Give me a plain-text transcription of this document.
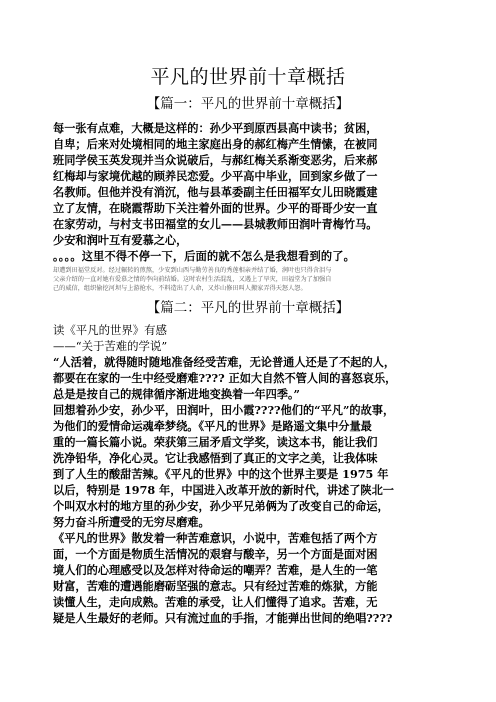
平凡的世界前十章概括
【篇一：平凡的世界前十章概括】
每一张有点难，大概是这样的：孙少平到原西县高中读书；贫困，
自卑；后来对处境相同的地主家庭出身的郝红梅产生情愫，在被同
班同学侯玉英发现并当众说破后，与郝红梅关系渐变恶劣，后来郝
红梅却与家境优越的顾养民恋爱。少平高中毕业，回到家乡做了一
名教师。但他并没有消沉，他与县革委副主任田福军女儿田晓霞建
立了友情，在晓霞帮助下关注着外面的世界。少平的哥哥少安一直
在家劳动，与村支书田福堂的女儿——县城教师田润叶青梅竹马。
少安和润叶互有爱慕之心，
。。。。这里不得不停一下，后面的就不怎么是我想看到的了。
却遭到田福堂反对。经过辗转的煎熬，少安到山西与勤劳善良的秀莲相亲并结了婚，润叶也只得含泪与
父亲介绍的一直对她有爱慕之情的李向前结婚。这时农村生活混乱，又遇上了旱灾，田福堂为了加强自
己的威信，组织偷挖河坝与上游抢水，不料造出了人命，又炸山修田叫人搬家弄得天怒人怨。
【篇二：平凡的世界前十章概括】
读《平凡的世界》有感
——“关于苦难的学说”
“人活着，就得随时随地准备经受苦难，无论普通人还是了不起的人，
都要在在家的一生中经受磨难???? 正如大自然不管人间的喜怒哀乐，
总是是按自己的规律循序渐进地变换着一年四季。”
回想着孙少安，孙少平，田润叶，田小霞????他们的“平凡”的故事，
为他们的爱情命运魂牵梦绕。《平凡的世界》是路遥文集中分量最
重的一篇长篇小说。荣获第三届矛盾文学奖，读这本书，能让我们
洗净铅华，净化心灵。它让我感悟到了真正的文字之美，让我体味
到了人生的酸甜苦辣。《平凡的世界》中的这个世界主要是 1975 年
以后，特别是 1978 年，中国进入改革开放的新时代，讲述了陕北一
个叫双水村的地方里的孙少安，孙少平兄弟俩为了改变自己的命运，
努力奋斗所遭受的无穷尽磨难。
《平凡的世界》散发着一种苦难意识，小说中，苦难包括了两个方
面，一个方面是物质生活情况的艰窘与酸辛，另一个方面是面对困
境人们的心理感受以及怎样对待命运的嘲弄？苦难，是人生的一笔
财富，苦难的遭遇能磨砺坚强的意志。只有经过苦难的炼狱，方能
读懂人生，走向成熟。苦难的承受，让人们懂得了追求。苦难，无
疑是人生最好的老师。只有流过血的手指，才能弹出世间的绝唱????
